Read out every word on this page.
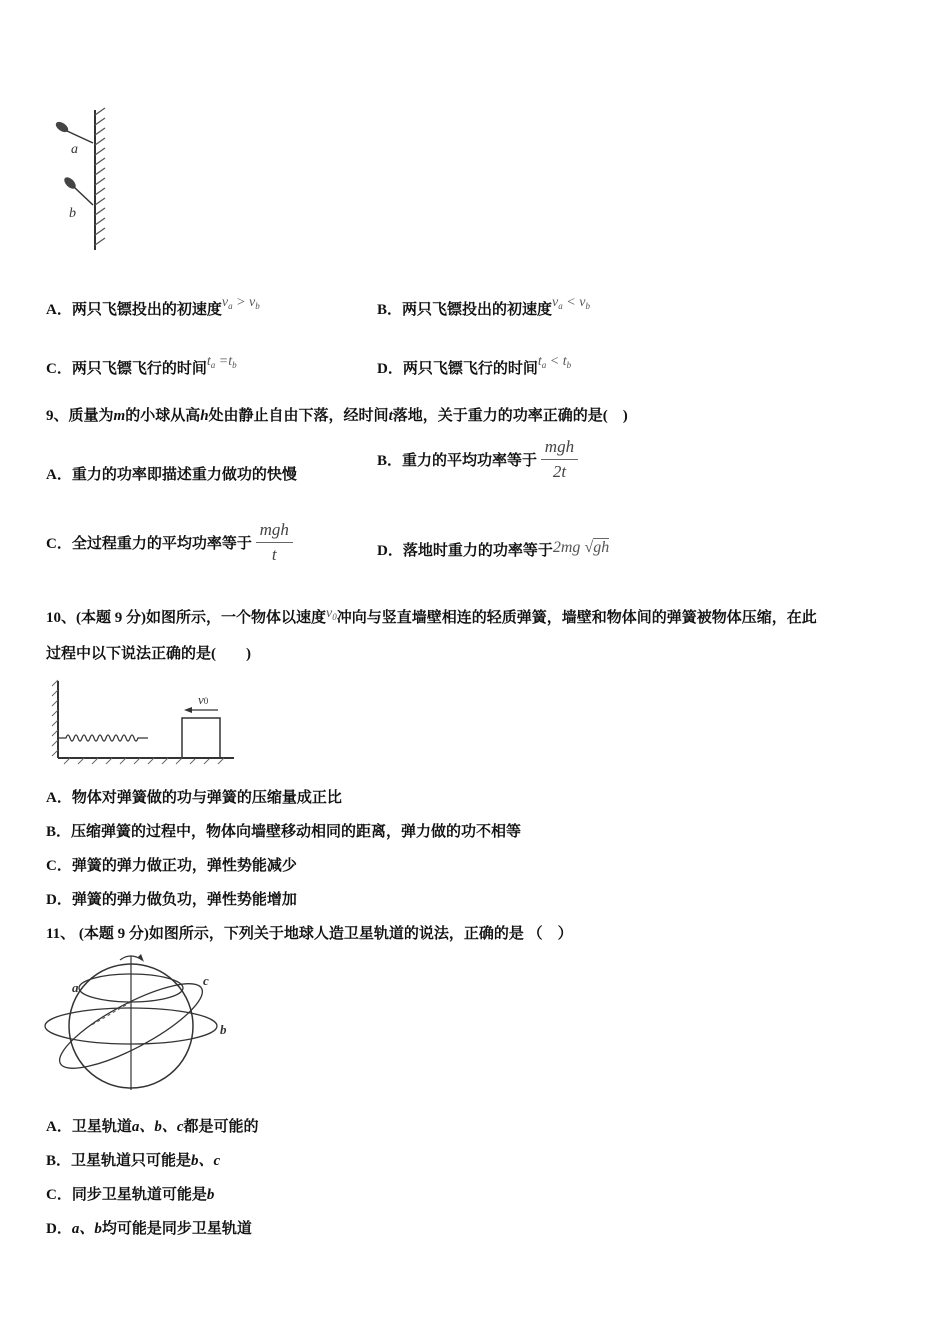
a
b
A．两只飞镖投出的初速度$v_a > v_b$	B．两只飞镖投出的初速度$v_a < v_b$
C．两只飞镖飞行的时间$t_a =t_b$	D．两只飞镖飞行的时间$t_a < t_b$
9、质量为m的小球从高h处由静止自由下落，经时间t落地，关于重力的功率正确的是(　)
A．重力的功率即描述重力做功的快慢
B．重力的平均功率等于 $\frac{\text{mgh}}{2t}$
C．全过程重力的平均功率等于 $\frac{\text{mgh}}{t}$	D．落地时重力的功率等于2mg √gh
10、(本题 9 分)如图所示，一个物体以速度$v_0$冲向与竖直墙壁相连的轻质弹簧，墙壁和物体间的弹簧被物体压缩，在此
过程中以下说法正确的是(　　)
v0
A．物体对弹簧做的功与弹簧的压缩量成正比
B．压缩弹簧的过程中，物体向墙壁移动相同的距离，弹力做的功不相等
C．弹簧的弹力做正功，弹性势能减少
D．弹簧的弹力做负功，弹性势能增加
11、 (本题 9 分)如图所示，下列关于地球人造卫星轨道的说法，正确的是 （　）
a
b
c
A．卫星轨道a、b、c都是可能的
B．卫星轨道只可能是b、c
C．同步卫星轨道可能是b
D．a、b均可能是同步卫星轨道
